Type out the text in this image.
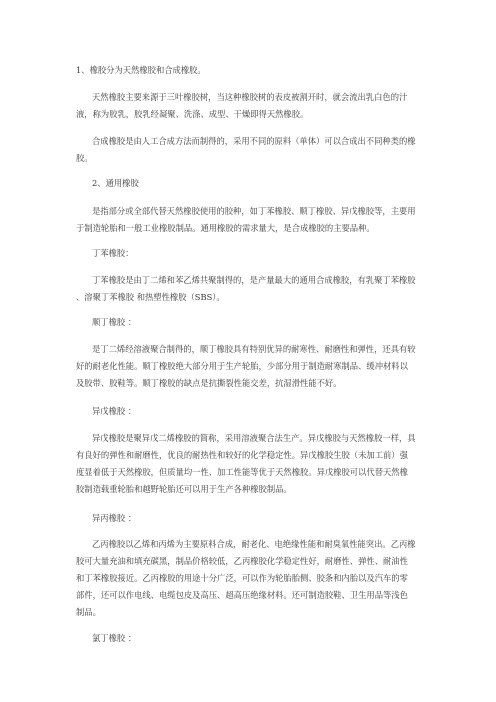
1、橡胶分为天然橡胶和合成橡胶。

天然橡胶主要来源于三叶橡胶树，当这种橡胶树的表皮被割开时，就会流出乳白色的汁液，称为胶乳，胶乳经凝聚、洗涤、成型、干燥即得天然橡胶。

合成橡胶是由人工合成方法而制得的，采用不同的原料（单体）可以合成出不同种类的橡胶。

2、通用橡胶

是指部分或全部代替天然橡胶使用的胶种，如丁苯橡胶、顺丁橡胶、异戊橡胶等，主要用于制造轮胎和一般工业橡胶制品。通用橡胶的需求量大，是合成橡胶的主要品种。

丁苯橡胶：

丁苯橡胶是由丁二烯和苯乙烯共聚制得的，是产量最大的通用合成橡胶，有乳聚丁苯橡胶 、溶聚丁苯橡胶 和热塑性橡胶（SBS）。

顺丁橡胶 ：

是丁二烯经溶液聚合制得的，顺丁橡胶具有特别优异的耐寒性、耐磨性和弹性，还具有较好的耐老化性能。顺丁橡胶绝大部分用于生产轮胎，少部分用于制造耐寒制品、缓冲材料以及胶带、胶鞋等。顺丁橡胶的缺点是抗撕裂性能交差，抗湿滑性能不好。

异戊橡胶 ：

异戊橡胶是聚异戊二烯橡胶的简称，采用溶液聚合法生产。异戊橡胶与天然橡胶一样，具有良好的弹性和耐磨性，优良的耐热性和较好的化学稳定性。异戊橡胶生胶（未加工前）强度显着低于天然橡胶，但质量均一性、加工性能等优于天然橡胶。异戊橡胶可以代替天然橡胶制造载重轮胎和越野轮胎还可以用于生产各种橡胶制品。

异丙橡胶 ：

乙丙橡胶以乙烯和丙烯为主要原料合成，耐老化、电绝缘性能和耐臭氧性能突出。乙丙橡胶可大量充油和填充碳黑，制品价格较低，乙丙橡胶化学稳定性好，耐磨性、弹性、耐油性和丁苯橡胶接近。乙丙橡胶的用途十分广泛，可以作为轮胎胎侧、胶条和内胎以及汽车的零部件，还可以作电线、电缆包皮及高压、超高压绝缘材料。还可制造胶鞋、卫生用品等浅色制品。

氯丁橡胶 ：
